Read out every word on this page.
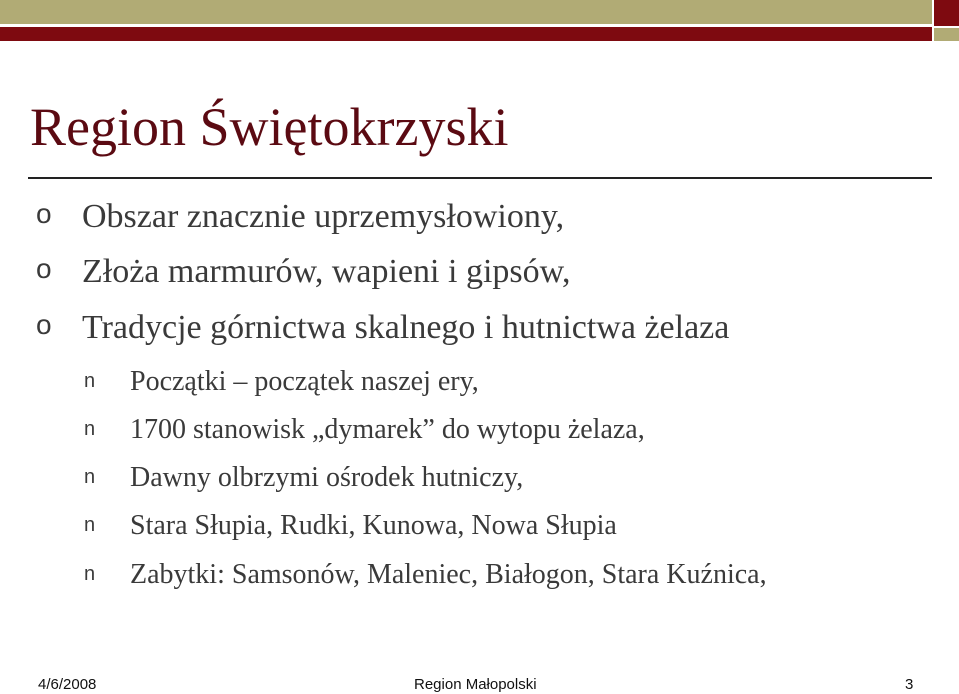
Region Świętokrzyski
o Obszar znacznie uprzemysłowiony,
o Złoża marmurów, wapieni i gipsów,
o Tradycje górnictwa skalnego i hutnictwa żelaza
n Początki – początek naszej ery,
n 1700 stanowisk „dymarek” do wytopu żelaza,
n Dawny olbrzymi ośrodek hutniczy,
n Stara Słupia, Rudki, Kunowa, Nowa Słupia
n Zabytki: Samsonów, Maleniec, Białogon, Stara Kuźnica,
4/6/2008	Region Małopolski	3
